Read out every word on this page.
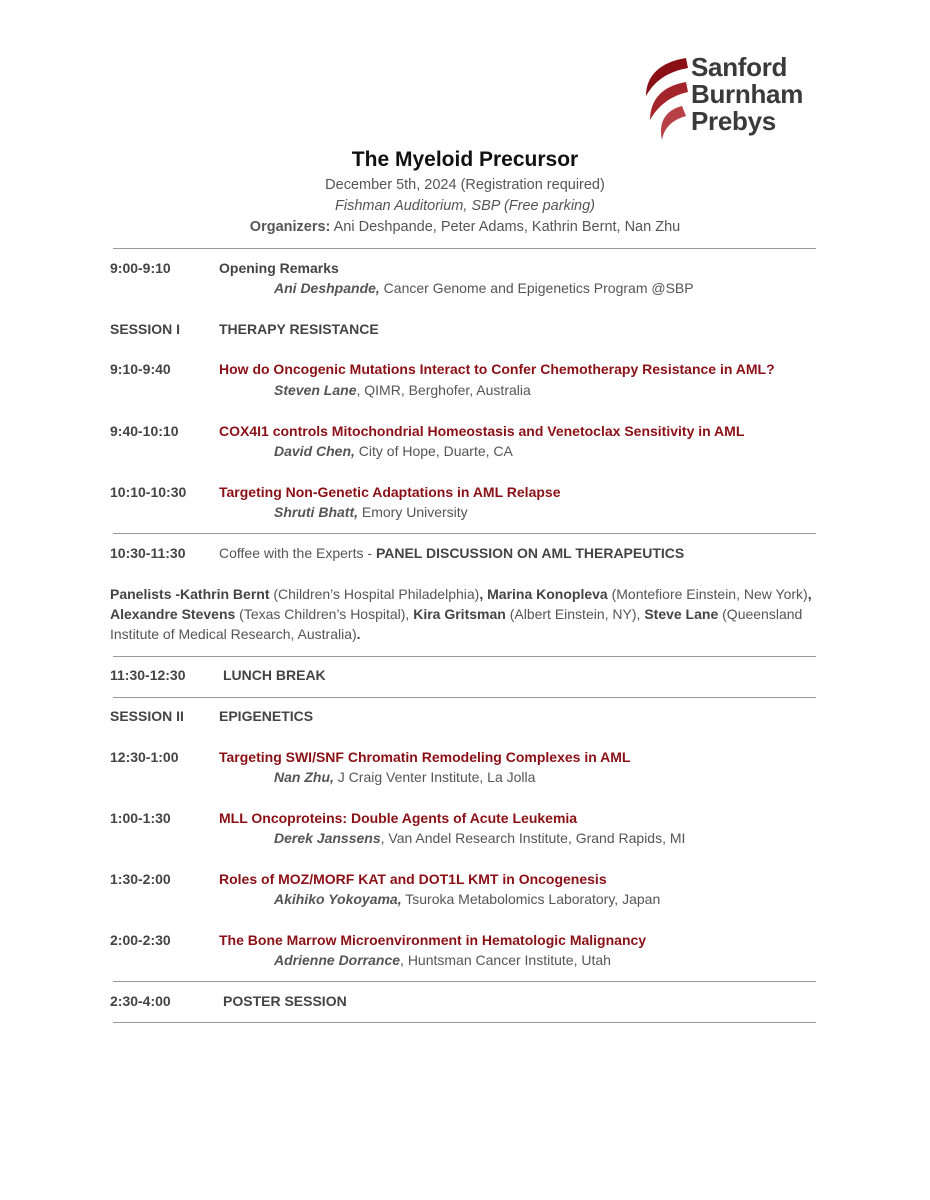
Sanford
Burnham
Prebys
The Myeloid Precursor
December 5th, 2024 (Registration required)
Fishman Auditorium, SBP (Free parking)
Organizers: Ani Deshpande, Peter Adams, Kathrin Bernt, Nan Zhu
9:00-9:10	Opening Remarks
Ani Deshpande, Cancer Genome and Epigenetics Program @SBP
SESSION I	THERAPY RESISTANCE
9:10-9:40	How do Oncogenic Mutations Interact to Confer Chemotherapy Resistance in AML?
Steven Lane, QIMR, Berghofer, Australia
9:40-10:10	COX4I1 controls Mitochondrial Homeostasis and Venetoclax Sensitivity in AML
David Chen, City of Hope, Duarte, CA
10:10-10:30 Targeting Non-Genetic Adaptations in AML Relapse
Shruti Bhatt, Emory University
10:30-11:30 Coffee with the Experts - PANEL DISCUSSION ON AML THERAPEUTICS
Panelists -Kathrin Bernt (Children’s Hospital Philadelphia), Marina Konopleva (Montefiore Einstein, New York), Alexandre Stevens (Texas Children’s Hospital), Kira Gritsman (Albert Einstein, NY), Steve Lane (Queensland Institute of Medical Research, Australia).
11:30-12:30	LUNCH BREAK
SESSION II	EPIGENETICS
12:30-1:00	Targeting SWI/SNF Chromatin Remodeling Complexes in AML
Nan Zhu, J Craig Venter Institute, La Jolla
1:00-1:30	MLL Oncoproteins: Double Agents of Acute Leukemia
Derek Janssens, Van Andel Research Institute, Grand Rapids, MI
1:30-2:00	Roles of MOZ/MORF KAT and DOT1L KMT in Oncogenesis
Akihiko Yokoyama, Tsuroka Metabolomics Laboratory, Japan
2:00-2:30	The Bone Marrow Microenvironment in Hematologic Malignancy
Adrienne Dorrance, Huntsman Cancer Institute, Utah
2:30-4:00	POSTER SESSION
